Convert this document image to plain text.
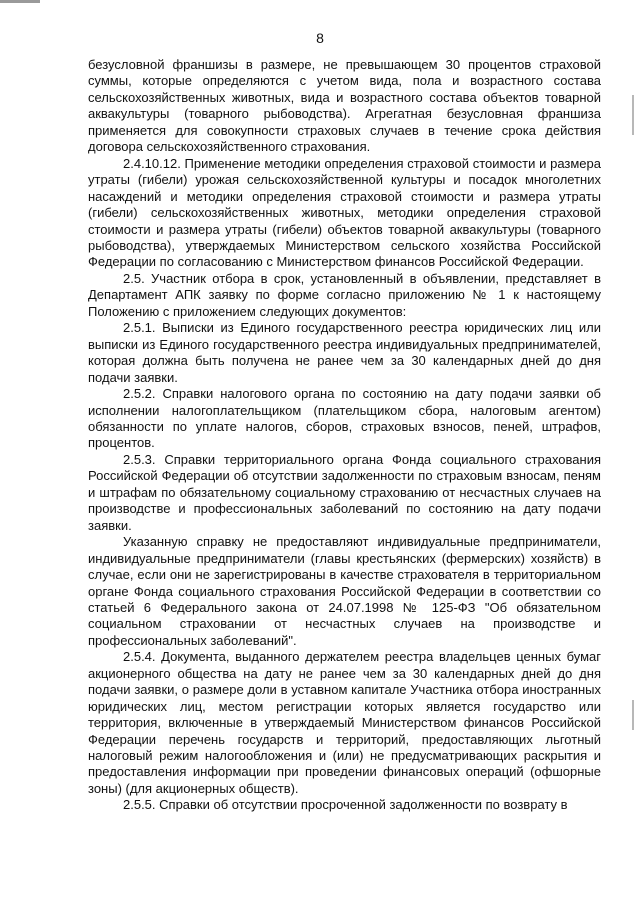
8

безусловной франшизы в размере, не превышающем 30 процентов страховой суммы, которые определяются с учетом вида, пола и возрастного состава сельскохозяйственных животных, вида и возрастного состава объектов товарной аквакультуры (товарного рыбоводства). Агрегатная безусловная франшиза применяется для совокупности страховых случаев в течение срока действия договора сельскохозяйственного страхования.

2.4.10.12. Применение методики определения страховой стоимости и размера утраты (гибели) урожая сельскохозяйственной культуры и посадок многолетних насаждений и методики определения страховой стоимости и размера утраты (гибели) сельскохозяйственных животных, методики определения страховой стоимости и размера утраты (гибели) объектов товарной аквакультуры (товарного рыбоводства), утверждаемых Министерством сельского хозяйства Российской Федерации по согласованию с Министерством финансов Российской Федерации.

2.5. Участник отбора в срок, установленный в объявлении, представляет в Департамент АПК заявку по форме согласно приложению № 1 к настоящему Положению с приложением следующих документов:

2.5.1. Выписки из Единого государственного реестра юридических лиц или выписки из Единого государственного реестра индивидуальных предпринимателей, которая должна быть получена не ранее чем за 30 календарных дней до дня подачи заявки.

2.5.2. Справки налогового органа по состоянию на дату подачи заявки об исполнении налогоплательщиком (плательщиком сбора, налоговым агентом) обязанности по уплате налогов, сборов, страховых взносов, пеней, штрафов, процентов.

2.5.3. Справки территориального органа Фонда социального страхования Российской Федерации об отсутствии задолженности по страховым взносам, пеням и штрафам по обязательному социальному страхованию от несчастных случаев на производстве и профессиональных заболеваний по состоянию на дату подачи заявки.

Указанную справку не предоставляют индивидуальные предприниматели, индивидуальные предприниматели (главы крестьянских (фермерских) хозяйств) в случае, если они не зарегистрированы в качестве страхователя в территориальном органе Фонда социального страхования Российской Федерации в соответствии со статьей 6 Федерального закона от 24.07.1998 № 125-ФЗ "Об обязательном социальном страховании от несчастных случаев на производстве и профессиональных заболеваний".

2.5.4. Документа, выданного держателем реестра владельцев ценных бумаг акционерного общества на дату не ранее чем за 30 календарных дней до дня подачи заявки, о размере доли в уставном капитале Участника отбора иностранных юридических лиц, местом регистрации которых является государство или территория, включенные в утверждаемый Министерством финансов Российской Федерации перечень государств и территорий, предоставляющих льготный налоговый режим налогообложения и (или) не предусматривающих раскрытия и предоставления информации при проведении финансовых операций (офшорные зоны) (для акционерных обществ).

2.5.5. Справки об отсутствии просроченной задолженности по возврату в
